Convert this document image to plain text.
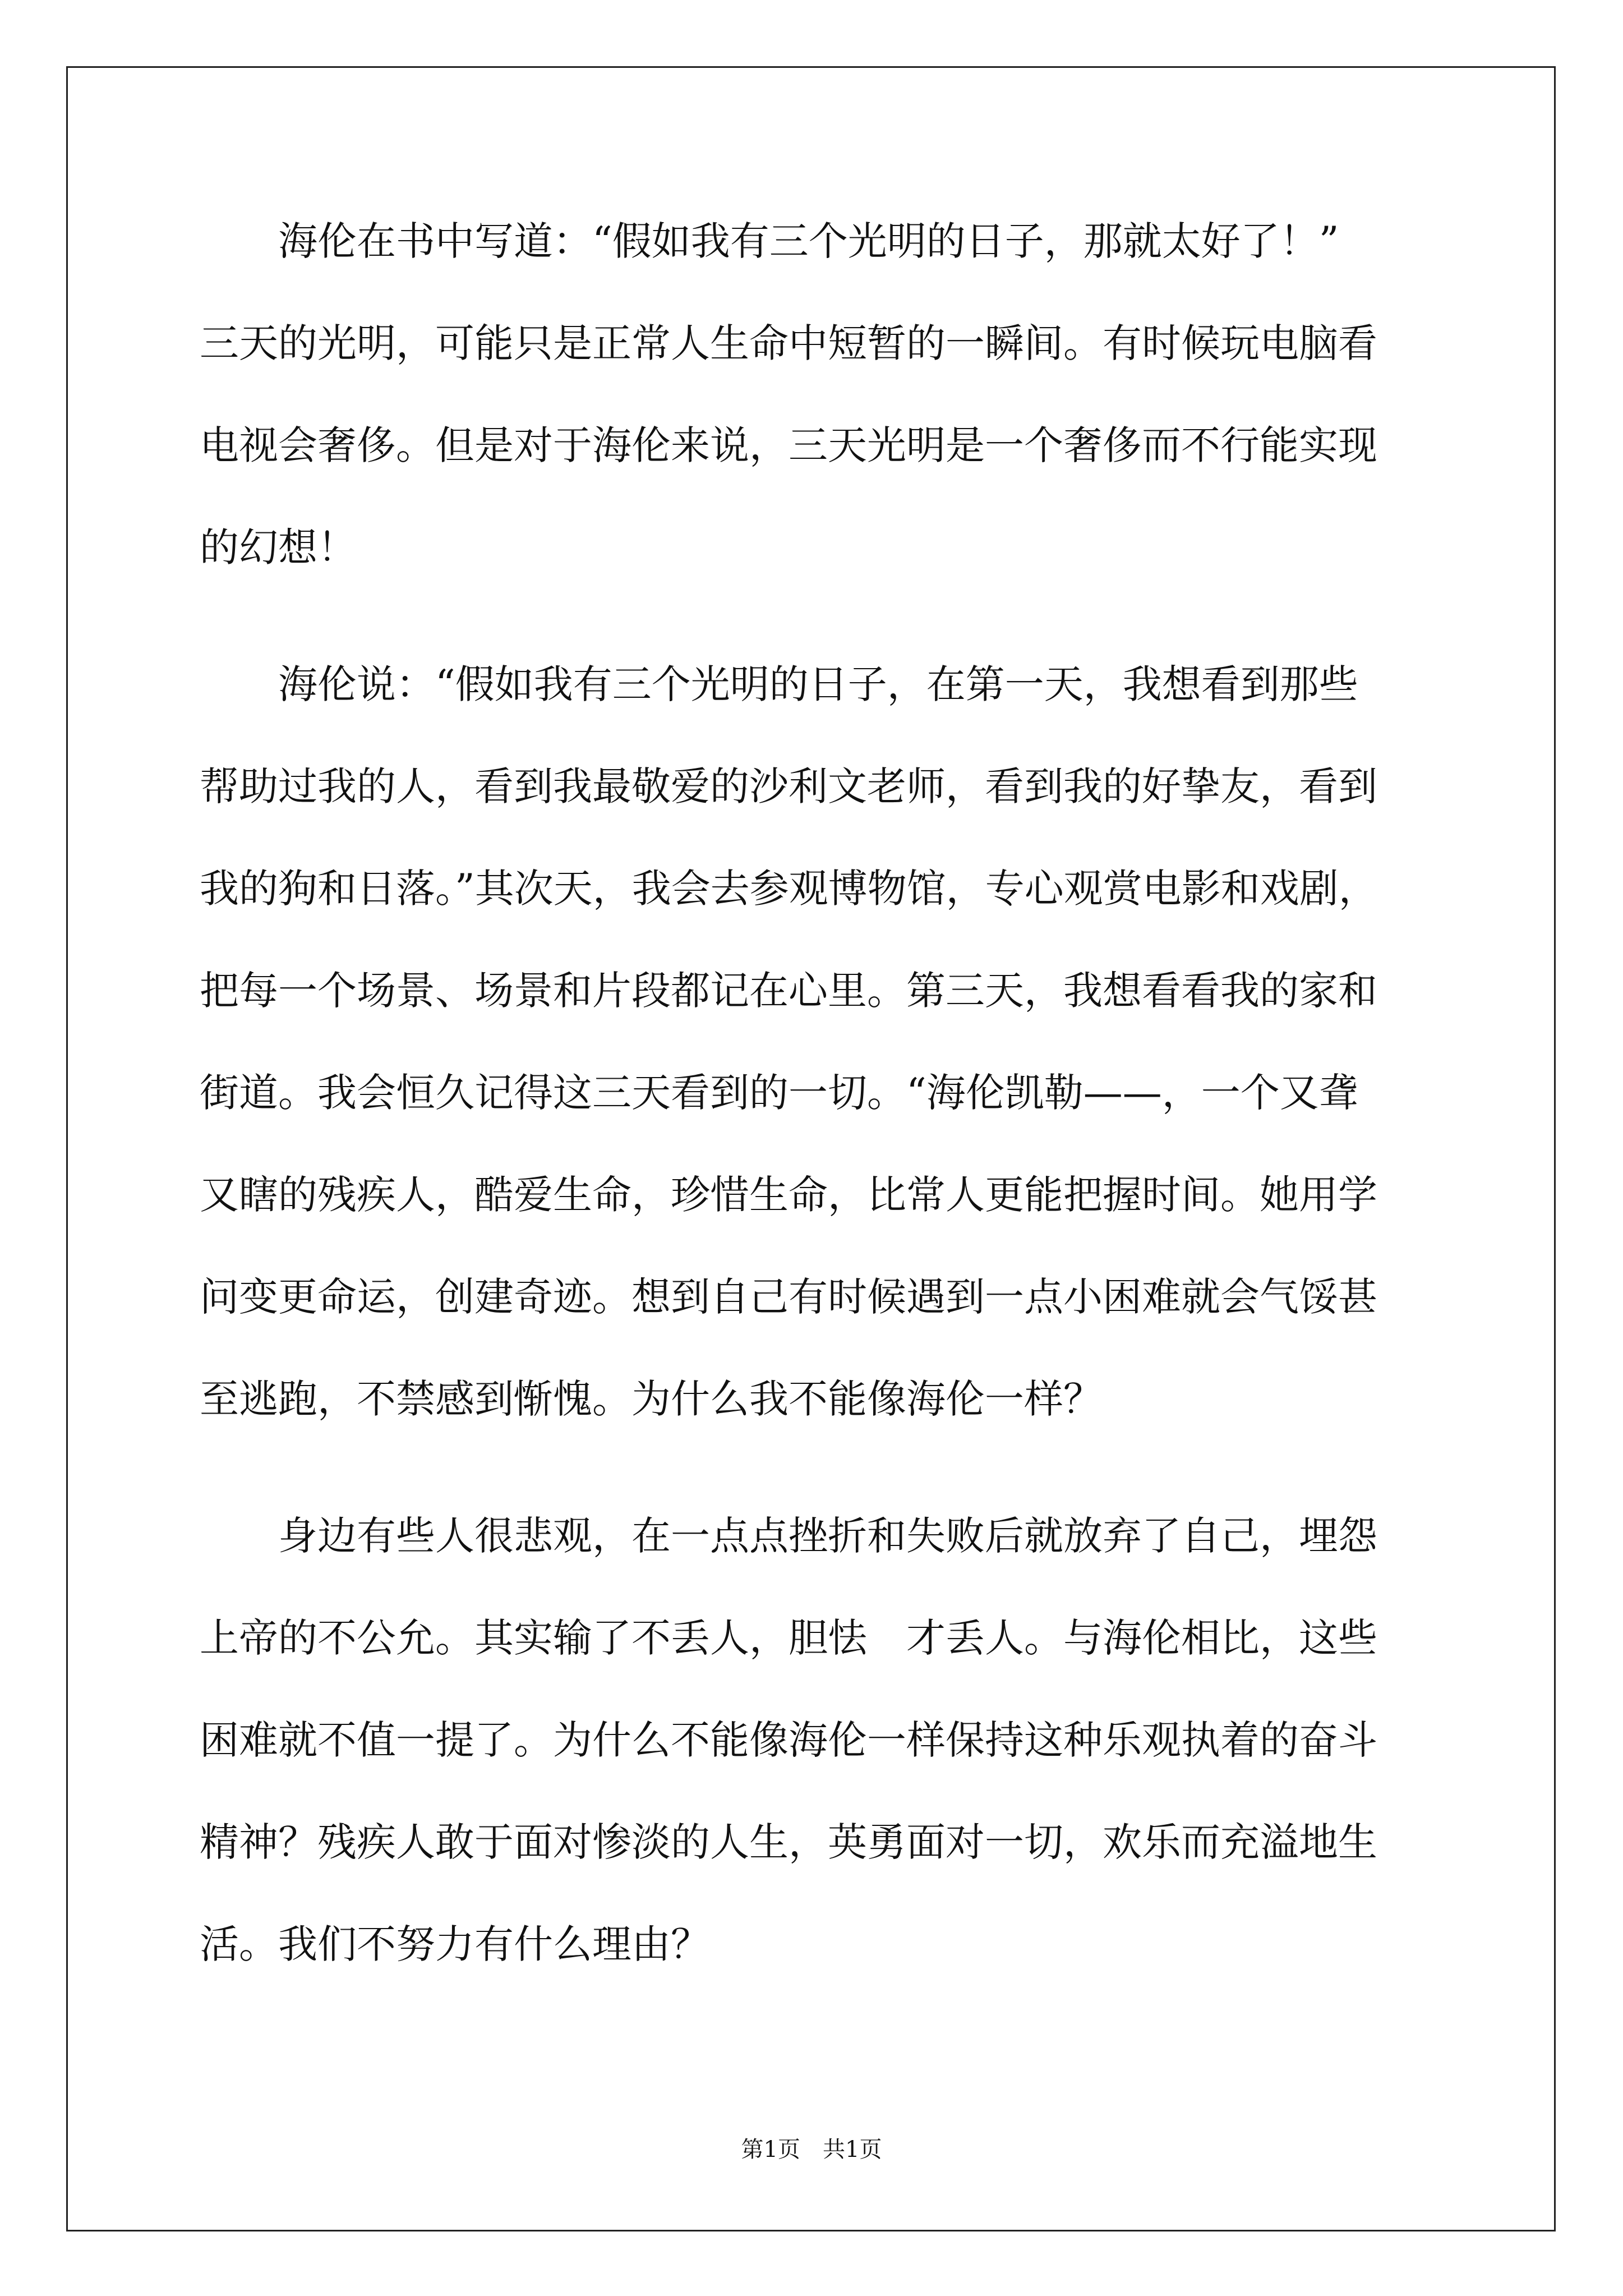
　　海伦在书中写道：“假如我有三个光明的日子，那就太好了！”
三天的光明，可能只是正常人生命中短暂的一瞬间。有时候玩电脑看
电视会奢侈。但是对于海伦来说，三天光明是一个奢侈而不行能实现
的幻想！
　　海伦说：“假如我有三个光明的日子，在第一天，我想看到那些
帮助过我的人，看到我最敬爱的沙利文老师，看到我的好挚友，看到
我的狗和日落。”其次天，我会去参观博物馆，专心观赏电影和戏剧，
把每一个场景、场景和片段都记在心里。第三天，我想看看我的家和
街道。我会恒久记得这三天看到的一切。“海伦凯勒——，一个又聋
又瞎的残疾人，酷爱生命，珍惜生命，比常人更能把握时间。她用学
问变更命运，创建奇迹。想到自己有时候遇到一点小困难就会气馁甚
至逃跑，不禁感到惭愧。为什么我不能像海伦一样？
　　身边有些人很悲观，在一点点挫折和失败后就放弃了自己，埋怨
上帝的不公允。其实输了不丢人，胆怯　才丢人。与海伦相比，这些
困难就不值一提了。为什么不能像海伦一样保持这种乐观执着的奋斗
精神？残疾人敢于面对惨淡的人生，英勇面对一切，欢乐而充溢地生
活。我们不努力有什么理由？
第1页　共1页
